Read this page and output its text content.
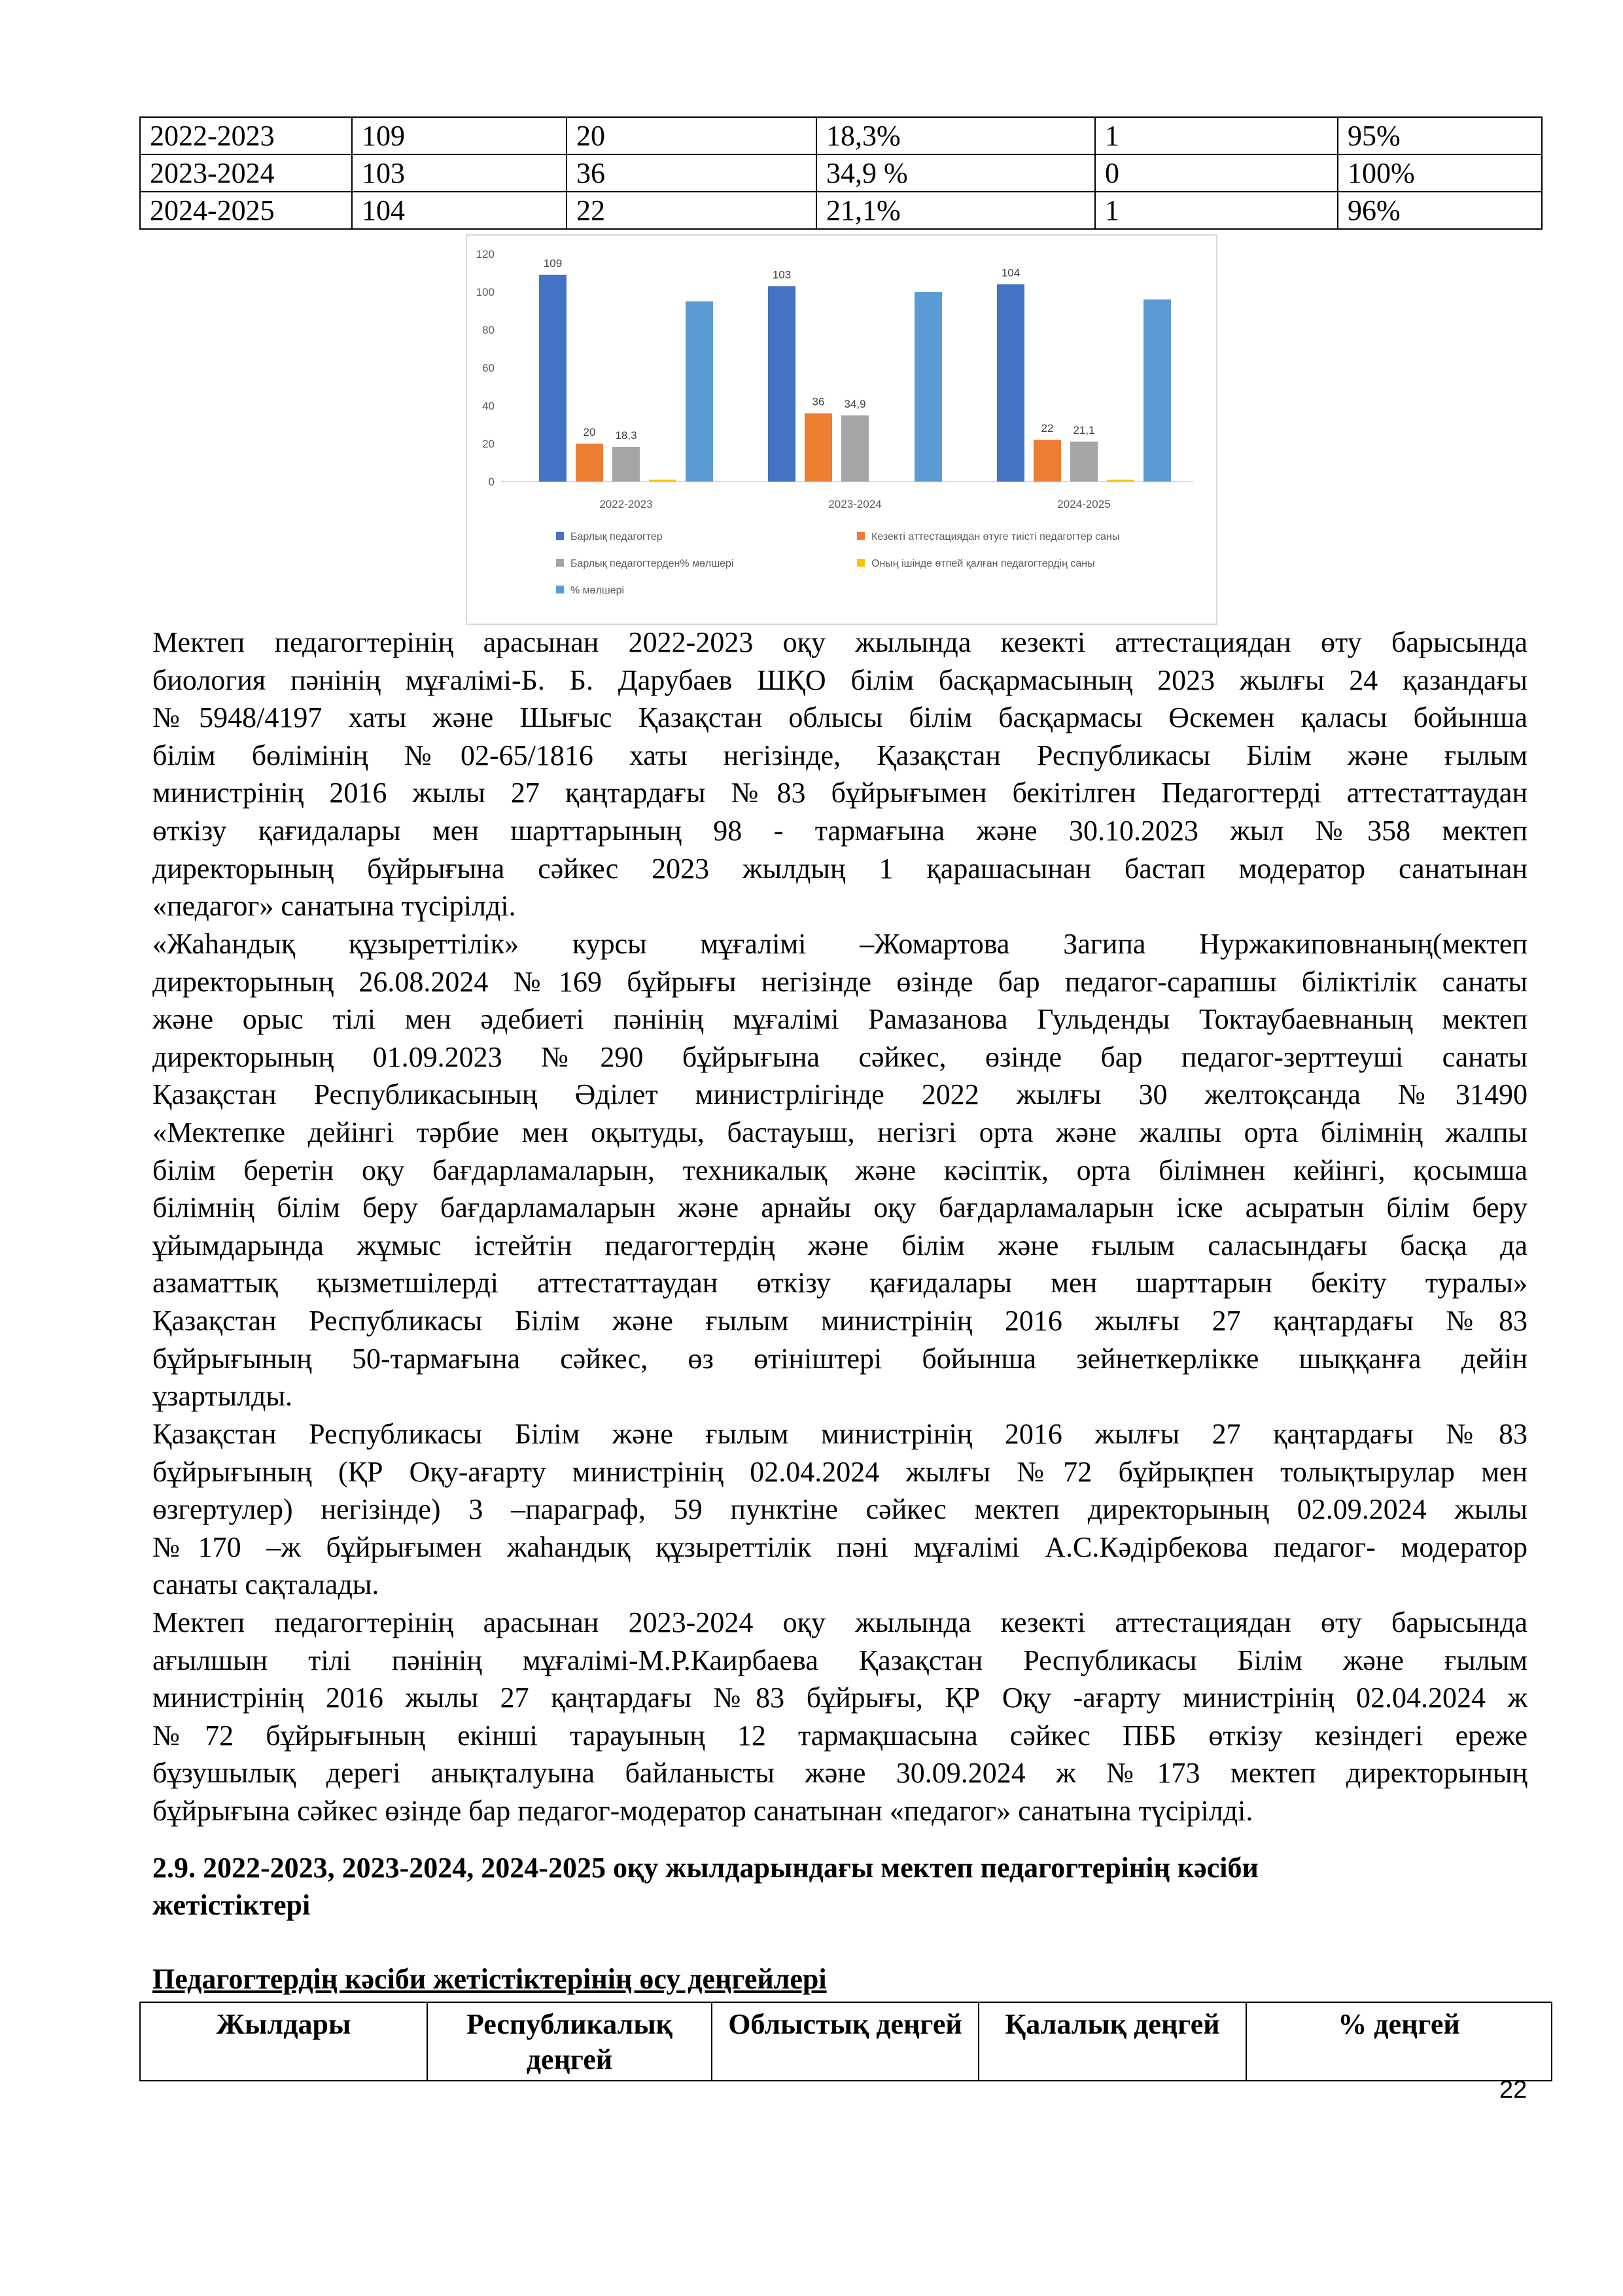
2022-2023	109	20	18,3%	1	95%
2023-2024	103	36	34,9 %	0	100%
2024-2025	104	22	21,1%	1	96%
0
20
40
60
80
100
120
109
20 18,3
2022-2023
103
36 34,9
2023-2024
104
22 21,1
2024-2025
Барлық педагогтер	Кезекті аттестациядан өтуге тиісті педагогтер саны
Барлық педагогтерден% мөлшері	Оның ішінде өтпей қалған педагогтердің саны
% мөлшері
Мектеп педагогтерінің арасынан 2022-2023 оқу жылында кезекті аттестациядан өту барысында
биология пәнінің мұғалімі-Б. Б. Дарубаев ШҚО білім басқармасының 2023 жылғы 24 қазандағы
№5948/4197 хаты және Шығыс Қазақстан облысы білім басқармасы Өскемен қаласы бойынша
білім бөлімінің №02-65/1816 хаты негізінде, Қазақстан Республикасы Білім және ғылым
министрінің 2016 жылы 27 қаңтардағы №83 бұйрығымен бекітілген Педагогтерді аттестаттаудан
өткізу қағидалары мен шарттарының 98 - тармағына және 30.10.2023 жыл №358 мектеп
директорының бұйрығына сәйкес 2023 жылдың 1 қарашасынан бастап модератор санатынан
«педагог» санатына түсірілді.
«Жаһандық құзыреттілік» курсы мұғалімі –Жомартова Загипа Нуржакиповнаның(мектеп
директорының 26.08.2024 №169 бұйрығы негізінде өзінде бар педагог-сарапшы біліктілік санаты
және орыс тілі мен әдебиеті пәнінің мұғалімі Рамазанова Гульденды Токтаубаевнаның мектеп
директорының 01.09.2023 №290 бұйрығына сәйкес, өзінде бар педагог-зерттеуші санаты
Қазақстан Республикасының Әділет министрлігінде 2022 жылғы 30 желтоқсанда №31490
«Мектепке дейінгі тәрбие мен оқытуды, бастауыш, негізгі орта және жалпы орта білімнің жалпы
білім беретін оқу бағдарламаларын, техникалық және кәсіптік, орта білімнен кейінгі, қосымша
білімнің білім беру бағдарламаларын және арнайы оқу бағдарламаларын іске асыратын білім беру
ұйымдарында жұмыс істейтін педагогтердің және білім және ғылым саласындағы басқа да
азаматтық қызметшілерді аттестаттаудан өткізу қағидалары мен шарттарын бекіту туралы»
Қазақстан Республикасы Білім және ғылым министрінің 2016 жылғы 27 қаңтардағы №83
бұйрығының 50-тармағына сәйкес, өз өтініштері бойынша зейнеткерлікке шыққанға дейін
ұзартылды.
Қазақстан Республикасы Білім және ғылым министрінің 2016 жылғы 27 қаңтардағы №83
бұйрығының (ҚР Оқу-ағарту министрінің 02.04.2024 жылғы №72 бұйрықпен толықтырулар мен
өзгертулер) негізінде) 3 –параграф, 59 пунктіне сәйкес мектеп директорының 02.09.2024 жылы
№170 –ж бұйрығымен жаһандық құзыреттілік пәні мұғалімі А.С.Кәдірбекова педагог- модератор
санаты сақталады.
Мектеп педагогтерінің арасынан 2023-2024 оқу жылында кезекті аттестациядан өту барысында
ағылшын тілі пәнінің мұғалімі-М.Р.Каирбаева Қазақстан Республикасы Білім және ғылым
министрінің 2016 жылы 27 қаңтардағы №83 бұйрығы, ҚР Оқу -ағарту министрінің 02.04.2024 ж
№72 бұйрығының екінші тарауының 12 тармақшасына сәйкес ПББ өткізу кезіндегі ереже
бұзушылық дерегі анықталуына байланысты және 30.09.2024 ж №173 мектеп директорының
бұйрығына сәйкес өзінде бар педагог-модератор санатынан «педагог» санатына түсірілді.
2.9. 2022-2023, 2023-2024, 2024-2025 оқу жылдарындағы мектеп педагогтерінің кәсіби
жетістіктері
Педагогтердің кәсіби жетістіктерінің өсу деңгейлері
Жылдары	Республикалық деңгей	Облыстық деңгей	Қалалық деңгей	% деңгей
22
